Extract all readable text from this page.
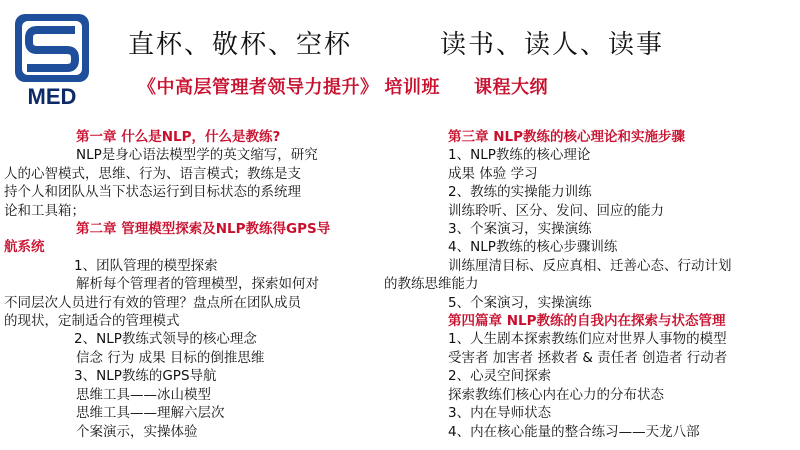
MED
直杯、敬杯、空杯	读书、读人、读事
《中高层管理者领导力提升》 培训班 课程大纲
第一章 什么是NLP，什么是教练?
NLP是身心语法模型学的英文缩写，研究
人的心智模式，思维、行为、语言模式；教练是支
持个人和团队从当下状态运行到目标状态的系统理
论和工具箱；
第二章 管理模型探索及NLP教练得GPS导
航系统
1、团队管理的模型探索
解析每个管理者的管理模型，探索如何对
不同层次人员进行有效的管理？盘点所在团队成员
的现状，定制适合的管理模式
2、NLP教练式领导的核心理念
信念 行为 成果 目标的倒推思维
3、NLP教练的GPS导航
思维工具——冰山模型
思维工具——理解六层次
个案演示，实操体验
第三章 NLP教练的核心理论和实施步骤
1、NLP教练的核心理论
成果 体验 学习
2、教练的实操能力训练
训练聆听、区分、发问、回应的能力
3、个案演习，实操演练
4、NLP教练的核心步骤训练
训练厘清目标、反应真相、迁善心态、行动计划
的教练思维能力
5、个案演习，实操演练
第四篇章 NLP教练的自我内在探索与状态管理
1、人生剧本探索教练们应对世界人事物的模型
受害者 加害者 拯救者 & 责任者 创造者 行动者
2、心灵空间探索
探索教练们核心内在心力的分布状态
3、内在导师状态
4、内在核心能量的整合练习——天龙八部
